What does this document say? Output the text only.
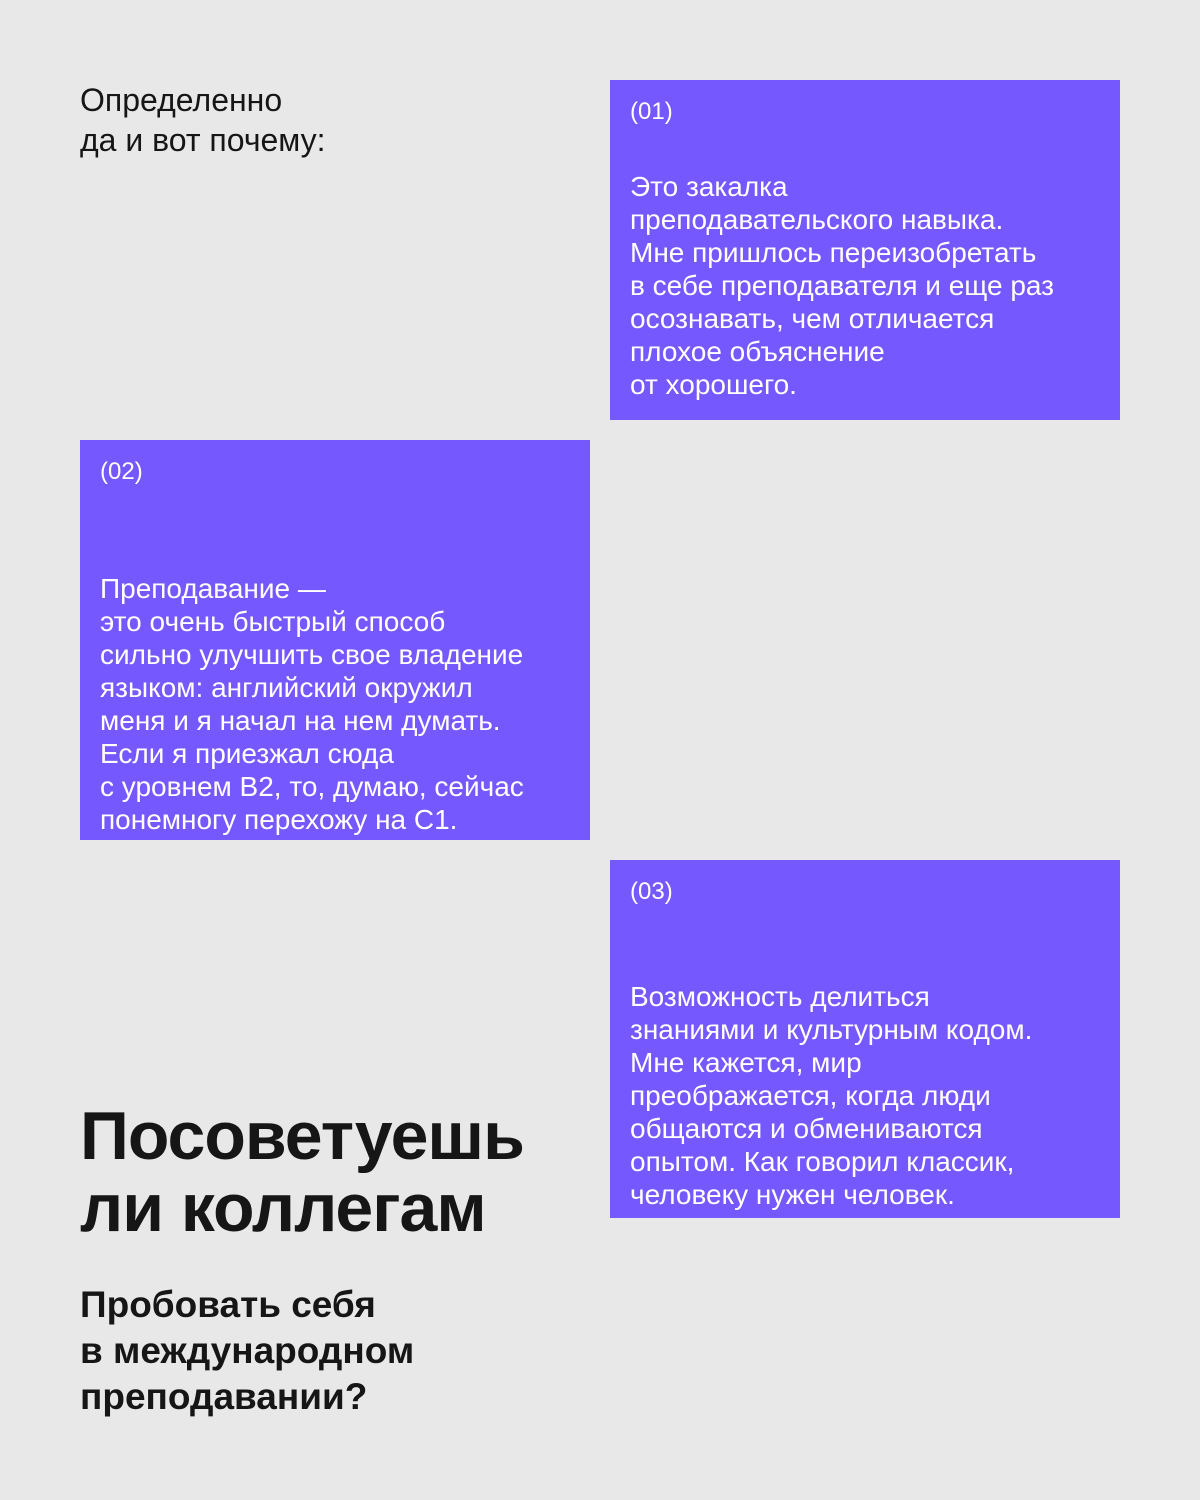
Определенно
да и вот почему:
(01)
Это закалка
преподавательского навыка.
Мне пришлось переизобретать
в себе преподавателя и еще раз
осознавать, чем отличается
плохое объяснение
от хорошего.
(02)
Преподавание —
это очень быстрый способ
сильно улучшить свое владение
языком: английский окружил
меня и я начал на нем думать.
Если я приезжал сюда
с уровнем B2, то, думаю, сейчас
понемногу перехожу на C1.
(03)
Возможность делиться
знаниями и культурным кодом.
Мне кажется, мир
преображается, когда люди
общаются и обмениваются
опытом. Как говорил классик,
человеку нужен человек.
Посоветуешь
ли коллегам
Пробовать себя
в международном
преподавании?
